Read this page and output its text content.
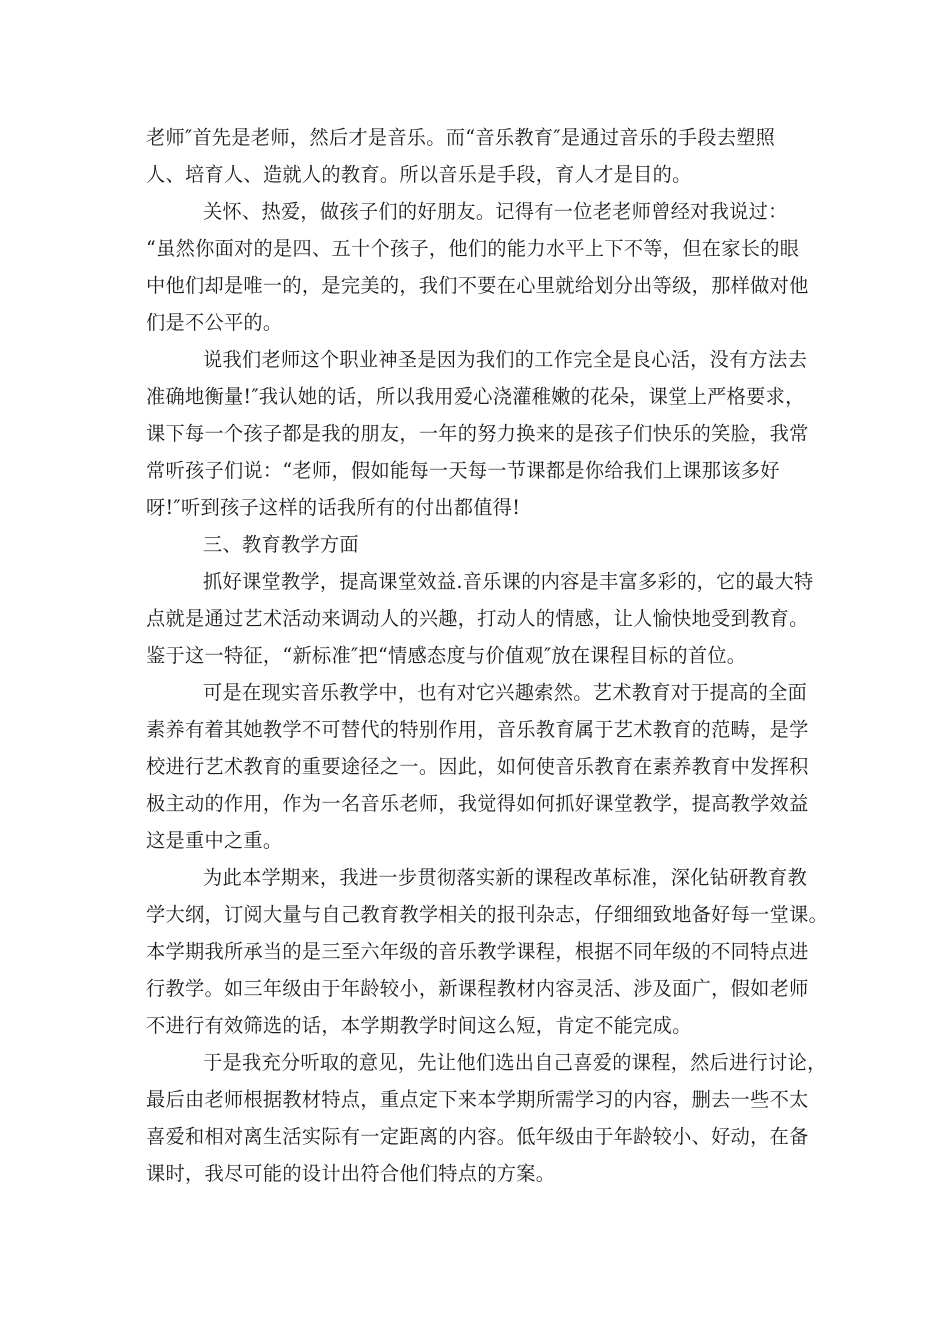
老师″首先是老师，然后才是音乐。而“音乐教育″是通过音乐的手段去塑照
人、培育人、造就人的教育。所以音乐是手段，育人才是目的。
关怀、热爱，做孩子们的好朋友。记得有一位老老师曾经对我说过：
“虽然你面对的是四、五十个孩子，他们的能力水平上下不等，但在家长的眼
中他们却是唯一的，是完美的，我们不要在心里就给划分出等级，那样做对他
们是不公平的。
说我们老师这个职业神圣是因为我们的工作完全是良心活，没有方法去
准确地衡量!″我认她的话，所以我用爱心浇灌稚嫩的花朵，课堂上严格要求，
课下每一个孩子都是我的朋友，一年的努力换来的是孩子们快乐的笑脸，我常
常听孩子们说：“老师，假如能每一天每一节课都是你给我们上课那该多好
呀!″听到孩子这样的话我所有的付出都值得!
三、教育教学方面
抓好课堂教学，提高课堂效益.音乐课的内容是丰富多彩的，它的最大特
点就是通过艺术活动来调动人的兴趣，打动人的情感，让人愉快地受到教育。
鉴于这一特征，“新标准″把“情感态度与价值观″放在课程目标的首位。
可是在现实音乐教学中，也有对它兴趣索然。艺术教育对于提高的全面
素养有着其她教学不可替代的特别作用，音乐教育属于艺术教育的范畴，是学
校进行艺术教育的重要途径之一。因此，如何使音乐教育在素养教育中发挥积
极主动的作用，作为一名音乐老师，我觉得如何抓好课堂教学，提高教学效益
这是重中之重。
为此本学期来，我进一步贯彻落实新的课程改革标准，深化钻研教育教
学大纲，订阅大量与自己教育教学相关的报刊杂志，仔细细致地备好每一堂课。
本学期我所承当的是三至六年级的音乐教学课程，根据不同年级的不同特点进
行教学。如三年级由于年龄较小，新课程教材内容灵活、涉及面广，假如老师
不进行有效筛选的话，本学期教学时间这么短，肯定不能完成。
于是我充分听取的意见，先让他们选出自己喜爱的课程，然后进行讨论，
最后由老师根据教材特点，重点定下来本学期所需学习的内容，删去一些不太
喜爱和相对离生活实际有一定距离的内容。低年级由于年龄较小、好动，在备
课时，我尽可能的设计出符合他们特点的方案。
